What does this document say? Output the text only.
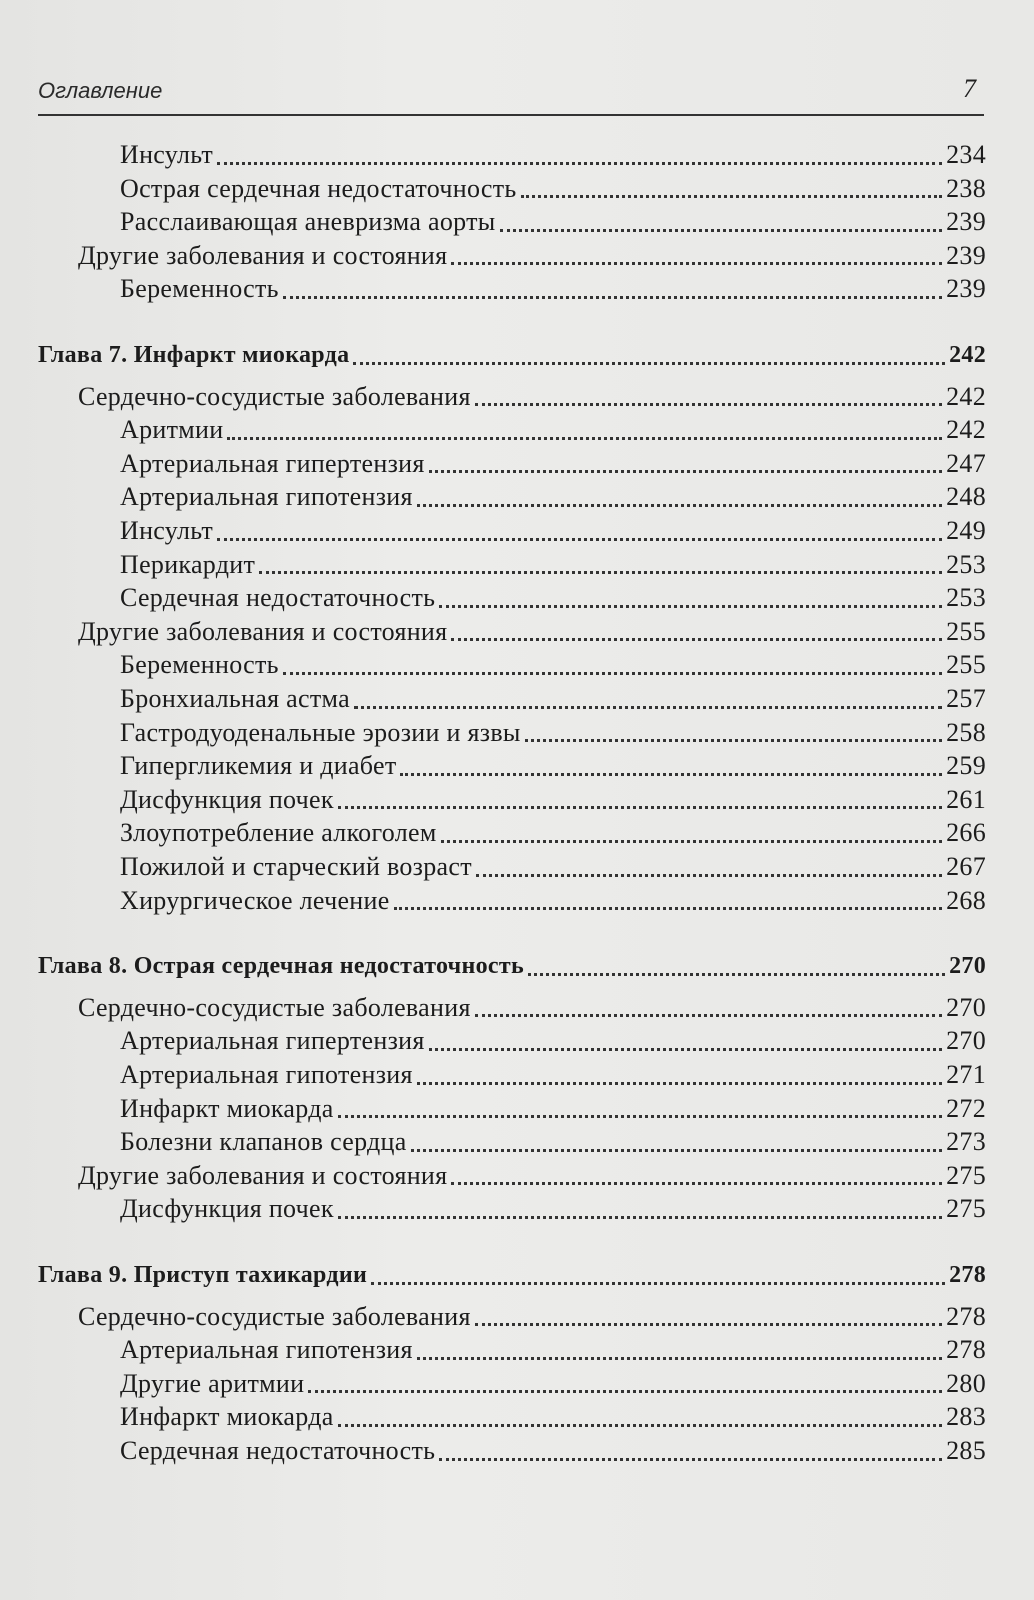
Оглавление	7
Инсульт	234
Острая сердечная недостаточность	238
Расслаивающая аневризма аорты	239
Другие заболевания и состояния	239
Беременность	239
Глава 7. Инфаркт миокарда	242
Сердечно-сосудистые заболевания	242
Аритмии	242
Артериальная гипертензия	247
Артериальная гипотензия	248
Инсульт	249
Перикардит	253
Сердечная недостаточность	253
Другие заболевания и состояния	255
Беременность	255
Бронхиальная астма	257
Гастродуоденальные эрозии и язвы	258
Гипергликемия и диабет	259
Дисфункция почек	261
Злоупотребление алкоголем	266
Пожилой и старческий возраст	267
Хирургическое лечение	268
Глава 8. Острая сердечная недостаточность	270
Сердечно-сосудистые заболевания	270
Артериальная гипертензия	270
Артериальная гипотензия	271
Инфаркт миокарда	272
Болезни клапанов сердца	273
Другие заболевания и состояния	275
Дисфункция почек	275
Глава 9. Приступ тахикардии	278
Сердечно-сосудистые заболевания	278
Артериальная гипотензия	278
Другие аритмии	280
Инфаркт миокарда	283
Сердечная недостаточность	285
